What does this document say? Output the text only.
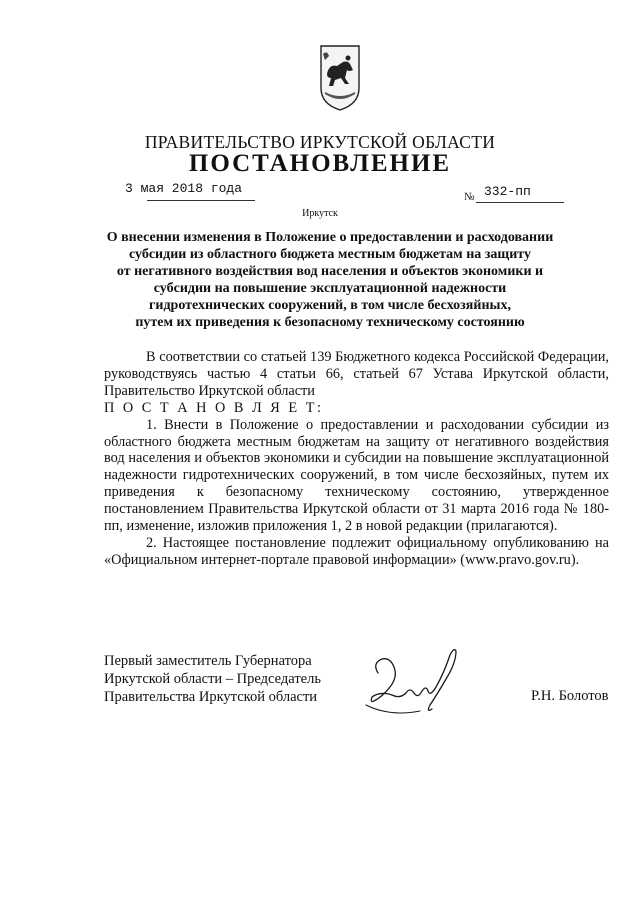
ПРАВИТЕЛЬСТВО ИРКУТСКОЙ ОБЛАСТИ
ПОСТАНОВЛЕНИЕ
3 мая 2018 года
№ 332-пп
Иркутск
О внесении изменения в Положение о предоставлении и расходовании
субсидии из областного бюджета местным бюджетам на защиту
от негативного воздействия вод населения и объектов экономики и
субсидии на повышение эксплуатационной надежности
гидротехнических сооружений, в том числе бесхозяйных,
путем их приведения к безопасному техническому состоянию

В соответствии со статьей 139 Бюджетного кодекса Российской Федерации, руководствуясь частью 4 статьи 66, статьей 67 Устава Иркутской области, Правительство Иркутской области

П О С Т А Н О В Л Я Е Т:

1. Внести в Положение о предоставлении и расходовании субсидии из областного бюджета местным бюджетам на защиту от негативного воздействия вод населения и объектов экономики и субсидии на повышение эксплуатационной надежности гидротехнических сооружений, в том числе бесхозяйных, путем их приведения к безопасному техническому состоянию, утвержденное постановлением Правительства Иркутской области от 31 марта 2016 года № 180-пп, изменение, изложив приложения 1, 2 в новой редакции (прилагаются).

2. Настоящее постановление подлежит официальному опубликованию на «Официальном интернет-портале правовой информации» (www.pravo.gov.ru).

Первый заместитель Губернатора
Иркутской области – Председатель
Правительства Иркутской области	Р.Н. Болотов
